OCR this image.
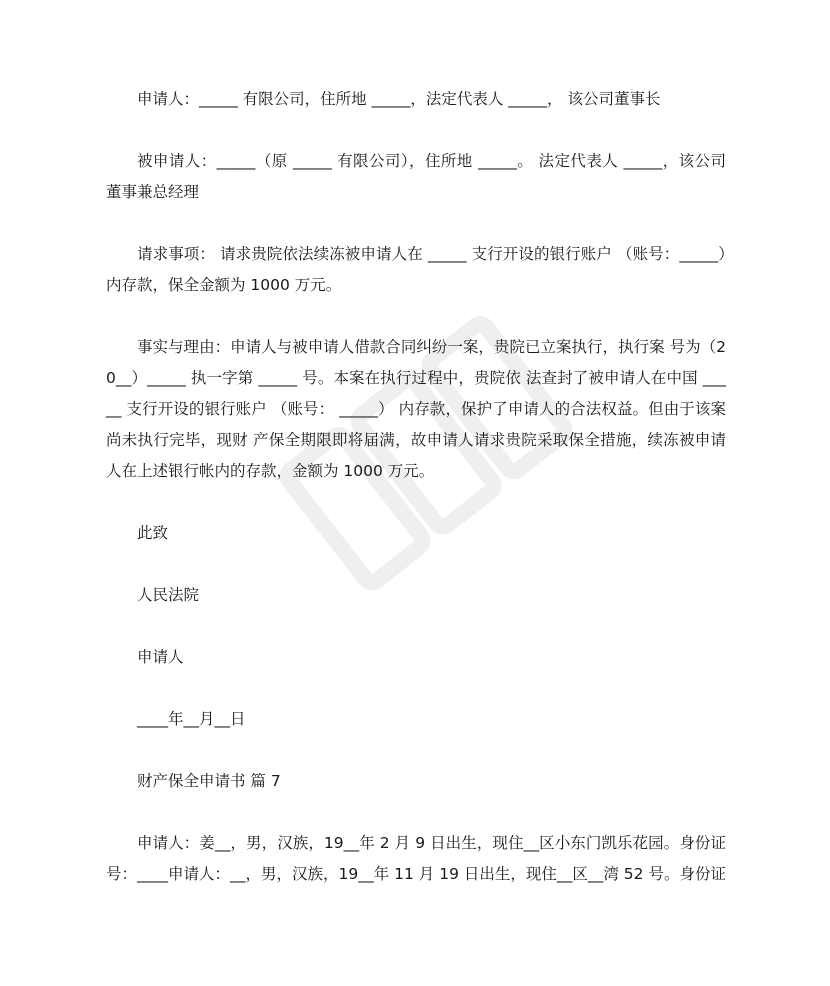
申请人：_____ 有限公司，住所地 _____，法定代表人 _____， 该公司董事长

被申请人：_____（原 _____ 有限公司），住所地 _____。 法定代表人 _____，该公司董事兼总经理

请求事项： 请求贵院依法续冻被申请人在 _____ 支行开设的银行账户 （账号：_____）内存款，保全金额为 1000 万元。

事实与理由：申请人与被申请人借款合同纠纷一案，贵院已立案执行，执行案 号为（20__）_____ 执一字第 _____ 号。本案在执行过程中，贵院依 法查封了被申请人在中国 _____ 支行开设的银行账户 （账号： _____） 内存款，保护了申请人的合法权益。但由于该案尚未执行完毕，现财 产保全期限即将届满，故申请人请求贵院采取保全措施，续冻被申请 人在上述银行帐内的存款，金额为 1000 万元。

此致

人民法院

申请人

____年__月__日

财产保全申请书 篇 7

申请人：姜__，男，汉族，19__年 2 月 9 日出生，现住__区小东门凯乐花园。身份证号：____申请人：__，男，汉族，19__年 11 月 19 日出生，现住__区__湾 52 号。身份证
